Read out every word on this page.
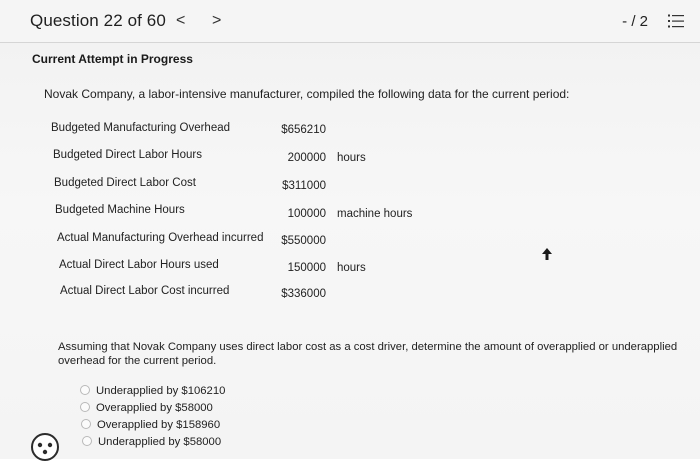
Question 22 of 60 < >	- / 2
Current Attempt in Progress
Novak Company, a labor-intensive manufacturer, compiled the following data for the current period:
Budgeted Manufacturing Overhead	$656210
Budgeted Direct Labor Hours	200000 hours
Budgeted Direct Labor Cost	$311000
Budgeted Machine Hours	100000 machine hours
Actual Manufacturing Overhead incurred	$550000
Actual Direct Labor Hours used	150000 hours
Actual Direct Labor Cost incurred	$336000
Assuming that Novak Company uses direct labor cost as a cost driver, determine the amount of overapplied or underapplied overhead for the current period.
Underapplied by $106210
Overapplied by $58000
Overapplied by $158960
Underapplied by $58000
